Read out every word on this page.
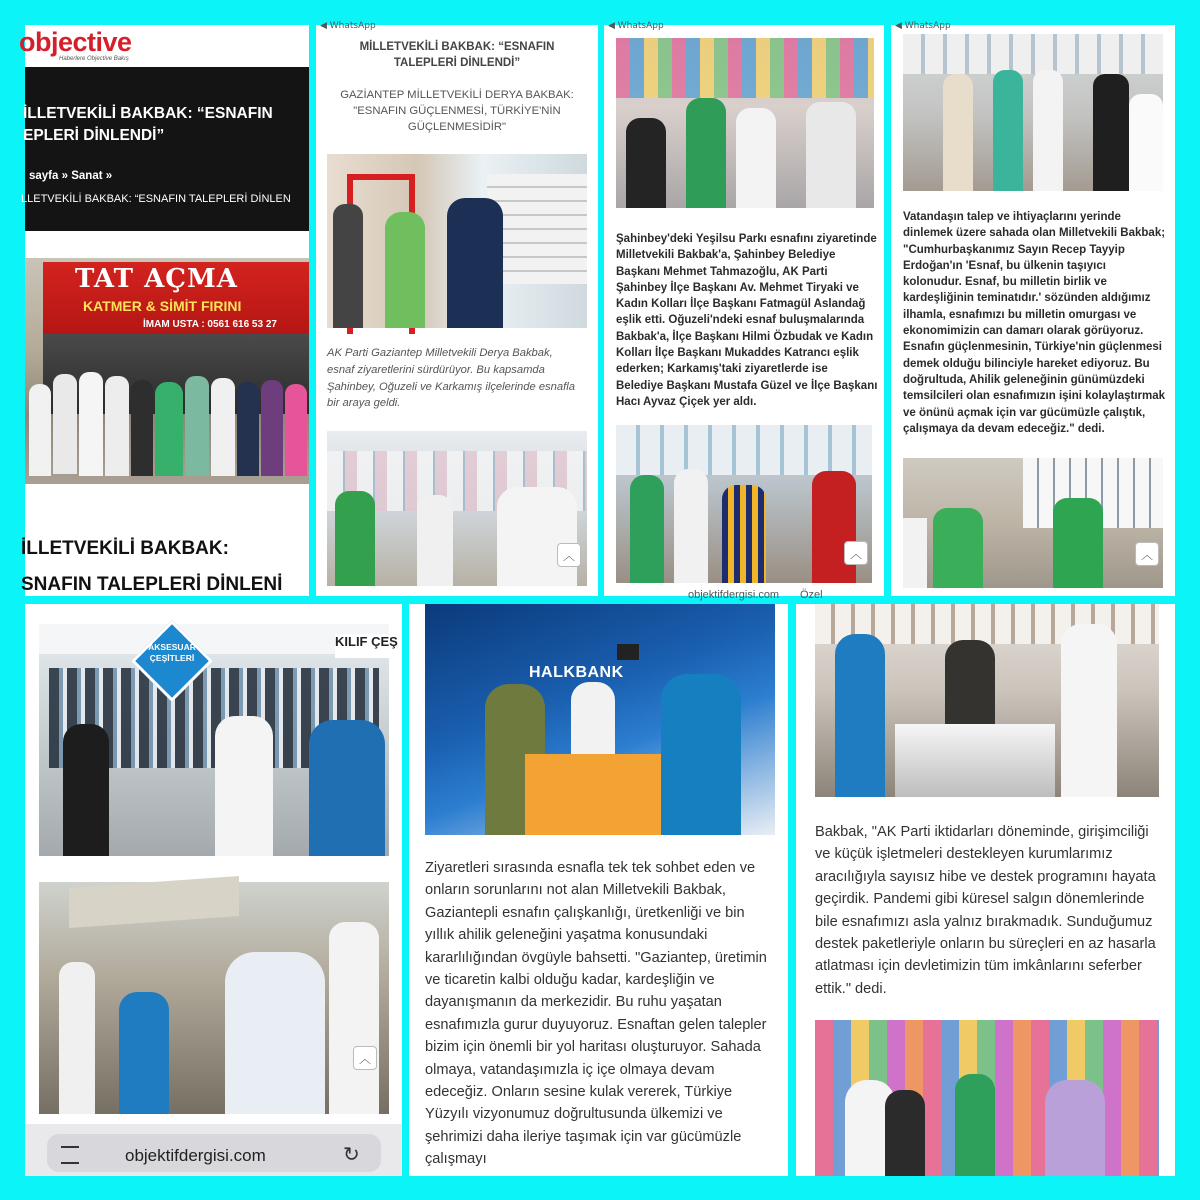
objective
Haberlere Objective Bakış
İLLETVEKİLİ BAKBAK: “ESNAFIN
EPLERİ DİNLENDİ”
sayfa » Sanat »
LLETVEKİLİ BAKBAK: “ESNAFIN TALEPLERİ DİNLEN
TAT AÇMA
KATMER & SİMİT FIRINI
İMAM USTA : 0561 616 53 27
İLLETVEKİLİ BAKBAK:
SNAFIN TALEPLERİ DİNLENİ
◀ WhatsApp
MİLLETVEKİLİ BAKBAK: “ESNAFIN TALEPLERİ DİNLENDİ”
GAZİANTEP MİLLETVEKİLİ DERYA BAKBAK: "ESNAFIN GÜÇLENMESİ, TÜRKİYE'NİN GÜÇLENMESİDİR"
AK Parti Gaziantep Milletvekili Derya Bakbak, esnaf ziyaretlerini sürdürüyor. Bu kapsamda Şahinbey, Oğuzeli ve Karkamış ilçelerinde esnafla bir araya geldi.
︿
◀ WhatsApp
Şahinbey'deki Yeşilsu Parkı esnafını ziyaretinde Milletvekili Bakbak'a, Şahinbey Belediye Başkanı Mehmet Tahmazoğlu, AK Parti Şahinbey İlçe Başkanı Av. Mehmet Tiryaki ve Kadın Kolları İlçe Başkanı Fatmagül Aslandağ eşlik etti. Oğuzeli'ndeki esnaf buluşmalarında Bakbak'a, İlçe Başkanı Hilmi Özbudak ve Kadın Kolları İlçe Başkanı Mukaddes Katrancı eşlik ederken; Karkamış'taki ziyaretlerde ise Belediye Başkanı Mustafa Güzel ve İlçe Başkanı Hacı Ayvaz Çiçek yer aldı.
︿
objektifdergisi.com Özel
◀ WhatsApp
Vatandaşın talep ve ihtiyaçlarını yerinde dinlemek üzere sahada olan Milletvekili Bakbak; "Cumhurbaşkanımız Sayın Recep Tayyip Erdoğan'ın 'Esnaf, bu ülkenin taşıyıcı kolonudur. Esnaf, bu milletin birlik ve kardeşliğinin teminatıdır.' sözünden aldığımız ilhamla, esnafımızı bu milletin omurgası ve ekonomimizin can damarı olarak görüyoruz. Esnafın güçlenmesinin, Türkiye'nin güçlenmesi demek olduğu bilinciyle hareket ediyoruz. Bu doğrultuda, Ahilik geleneğinin günümüzdeki temsilcileri olan esnafımızın işini kolaylaştırmak ve önünü açmak için var gücümüzle çalıştık, çalışmaya da devam edeceğiz." dedi.
︿
AKSESUAR
ÇEŞİTLERİ
KILIF ÇEŞ
︿
objektifdergisi.com	↻
HALKBANK
Ziyaretleri sırasında esnafla tek tek sohbet eden ve onların sorunlarını not alan Milletvekili Bakbak, Gaziantepli esnafın çalışkanlığı, üretkenliği ve bin yıllık ahilik geleneğini yaşatma konusundaki kararlılığından övgüyle bahsetti. "Gaziantep, üretimin ve ticaretin kalbi olduğu kadar, kardeşliğin ve dayanışmanın da merkezidir. Bu ruhu yaşatan esnafımızla gurur duyuyoruz. Esnaftan gelen talepler bizim için önemli bir yol haritası oluşturuyor. Sahada olmaya, vatandaşımızla iç içe olmaya devam edeceğiz. Onların sesine kulak vererek, Türkiye Yüzyılı vizyonumuz doğrultusunda ülkemizi ve şehrimizi daha ileriye taşımak için var gücümüzle çalışmayı
Bakbak, "AK Parti iktidarları döneminde, girişimciliği ve küçük işletmeleri destekleyen kurumlarımız aracılığıyla sayısız hibe ve destek programını hayata geçirdik. Pandemi gibi küresel salgın dönemlerinde bile esnafımızı asla yalnız bırakmadık. Sunduğumuz destek paketleriyle onların bu süreçleri en az hasarla atlatması için devletimizin tüm imkânlarını seferber ettik." dedi.
